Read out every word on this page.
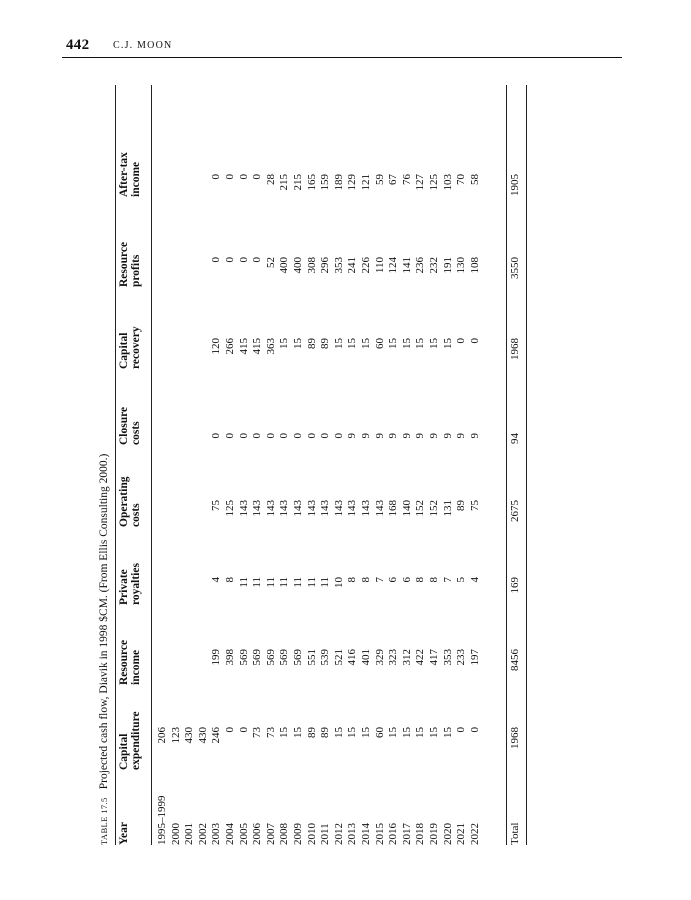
442 C.J. MOON
TABLE 17.5Projected cash flow, Diavik in 1998 $CM. (From Ellis Consulting 2000.)
Year
Capital expenditure
Resource income
Private royalties
Operating costs
Closure costs
Capital recovery
Resource profits
After-tax income
1995–1999
206
2000
123
2001
430
2002
430
2003
246
199
4
75
0
120
0
0
2004
0
398
8
125
0
266
0
0
2005
0
569
11
143
0
415
0
0
2006
73
569
11
143
0
415
0
0
2007
73
569
11
143
0
363
52
28
2008
15
569
11
143
0
15
400
215
2009
15
569
11
143
0
15
400
215
2010
89
551
11
143
0
89
308
165
2011
89
539
11
143
0
89
296
159
2012
15
521
10
143
0
15
353
189
2013
15
416
8
143
9
15
241
129
2014
15
401
8
143
9
15
226
121
2015
60
329
7
143
9
60
110
59
2016
15
323
6
168
9
15
124
67
2017
15
312
6
140
9
15
141
76
2018
15
422
8
152
9
15
236
127
2019
15
417
8
152
9
15
232
125
2020
15
353
7
131
9
15
191
103
2021
0
233
5
89
9
0
130
70
2022
0
197
4
75
9
0
108
58
Total
1968
8456
169
2675
94
1968
3550
1905
